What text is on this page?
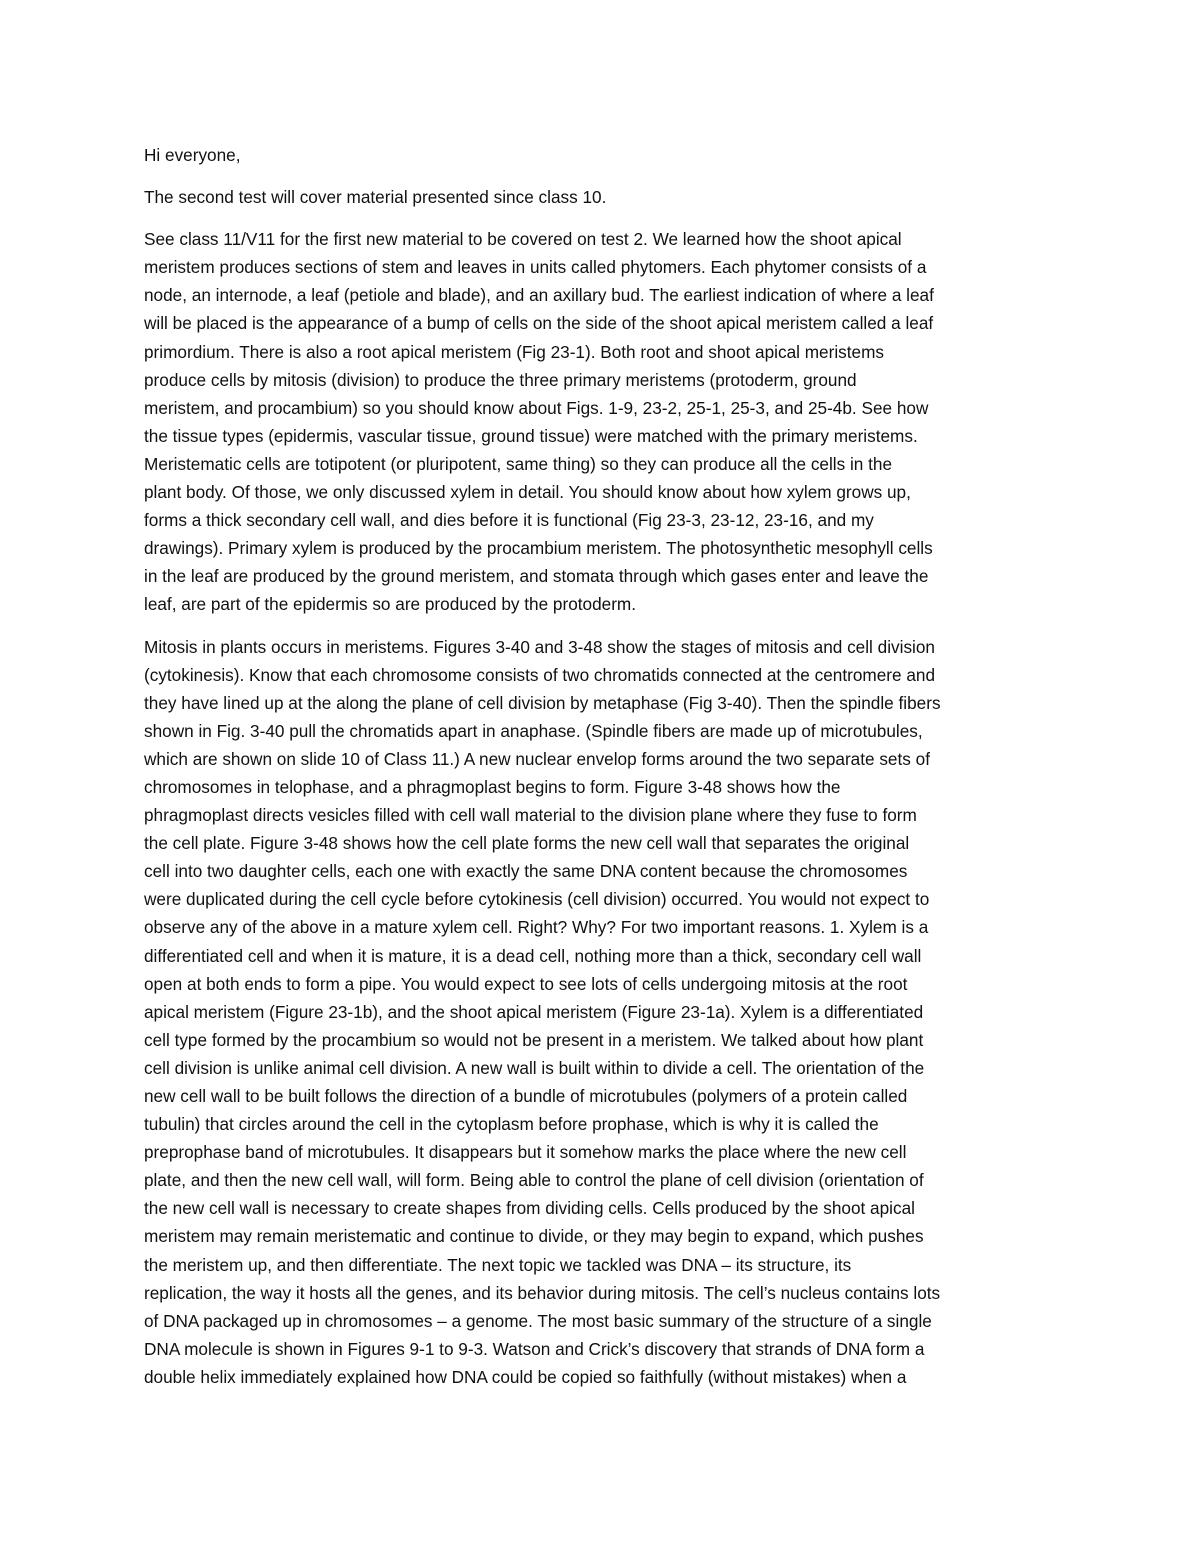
Hi everyone,
The second test will cover material presented since class 10.
See class 11/V11 for the first new material to be covered on test 2. We learned how the shoot apical
meristem produces sections of stem and leaves in units called phytomers. Each phytomer consists of a
node, an internode, a leaf (petiole and blade), and an axillary bud. The earliest indication of where a leaf
will be placed is the appearance of a bump of cells on the side of the shoot apical meristem called a leaf
primordium. There is also a root apical meristem (Fig 23-1). Both root and shoot apical meristems
produce cells by mitosis (division) to produce the three primary meristems (protoderm, ground
meristem, and procambium) so you should know about Figs. 1-9, 23-2, 25-1, 25-3, and 25-4b. See how
the tissue types (epidermis, vascular tissue, ground tissue) were matched with the primary meristems.
Meristematic cells are totipotent (or pluripotent, same thing) so they can produce all the cells in the
plant body. Of those, we only discussed xylem in detail. You should know about how xylem grows up,
forms a thick secondary cell wall, and dies before it is functional (Fig 23-3, 23-12, 23-16, and my
drawings). Primary xylem is produced by the procambium meristem. The photosynthetic mesophyll cells
in the leaf are produced by the ground meristem, and stomata through which gases enter and leave the
leaf, are part of the epidermis so are produced by the protoderm.
Mitosis in plants occurs in meristems. Figures 3-40 and 3-48 show the stages of mitosis and cell division
(cytokinesis). Know that each chromosome consists of two chromatids connected at the centromere and
they have lined up at the along the plane of cell division by metaphase (Fig 3-40). Then the spindle fibers
shown in Fig. 3-40 pull the chromatids apart in anaphase. (Spindle fibers are made up of microtubules,
which are shown on slide 10 of Class 11.) A new nuclear envelop forms around the two separate sets of
chromosomes in telophase, and a phragmoplast begins to form. Figure 3-48 shows how the
phragmoplast directs vesicles filled with cell wall material to the division plane where they fuse to form
the cell plate. Figure 3-48 shows how the cell plate forms the new cell wall that separates the original
cell into two daughter cells, each one with exactly the same DNA content because the chromosomes
were duplicated during the cell cycle before cytokinesis (cell division) occurred. You would not expect to
observe any of the above in a mature xylem cell. Right? Why? For two important reasons. 1. Xylem is a
differentiated cell and when it is mature, it is a dead cell, nothing more than a thick, secondary cell wall
open at both ends to form a pipe. You would expect to see lots of cells undergoing mitosis at the root
apical meristem (Figure 23-1b), and the shoot apical meristem (Figure 23-1a). Xylem is a differentiated
cell type formed by the procambium so would not be present in a meristem. We talked about how plant
cell division is unlike animal cell division. A new wall is built within to divide a cell. The orientation of the
new cell wall to be built follows the direction of a bundle of microtubules (polymers of a protein called
tubulin) that circles around the cell in the cytoplasm before prophase, which is why it is called the
preprophase band of microtubules. It disappears but it somehow marks the place where the new cell
plate, and then the new cell wall, will form. Being able to control the plane of cell division (orientation of
the new cell wall is necessary to create shapes from dividing cells. Cells produced by the shoot apical
meristem may remain meristematic and continue to divide, or they may begin to expand, which pushes
the meristem up, and then differentiate. The next topic we tackled was DNA – its structure, its
replication, the way it hosts all the genes, and its behavior during mitosis. The cell’s nucleus contains lots
of DNA packaged up in chromosomes – a genome. The most basic summary of the structure of a single
DNA molecule is shown in Figures 9-1 to 9-3. Watson and Crick’s discovery that strands of DNA form a
double helix immediately explained how DNA could be copied so faithfully (without mistakes) when a
